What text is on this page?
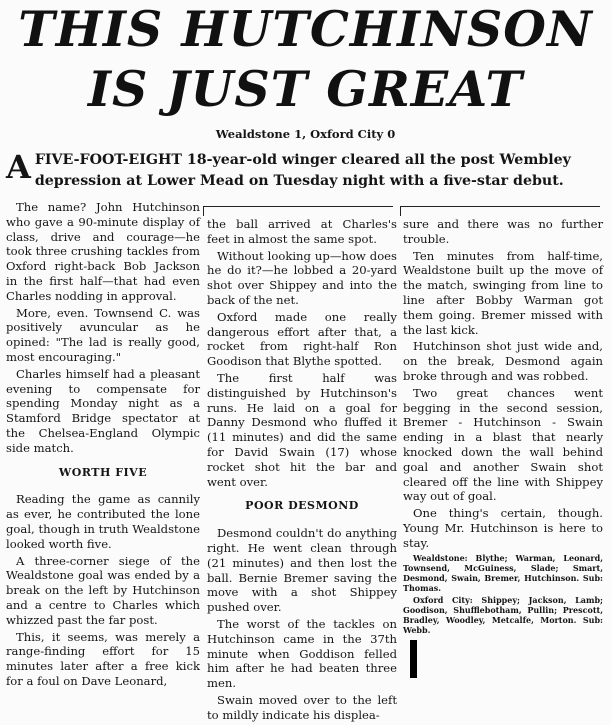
THIS HUTCHINSON
IS JUST GREAT
Wealdstone 1, Oxford City 0
AFIVE-FOOT-EIGHT 18-year-old winger cleared all the post Wembley depression at Lower Mead on Tuesday night with a five-star debut.

The name? John Hutchinson who gave a 90-minute display of class, drive and courage—he took three crushing tackles from Oxford right-back Bob Jackson in the first half—that had even Charles nodding in approval.

More, even. Townsend C. was positively avuncular as he opined: "The lad is really good, most encouraging."

Charles himself had a pleasant evening to compensate for spending Monday night as a Stamford Bridge spectator at the Chelsea-England Olympic side match.

WORTH FIVE

Reading the game as cannily as ever, he contributed the lone goal, though in truth Wealdstone looked worth five.

A three-corner siege of the Wealdstone goal was ended by a break on the left by Hutchinson and a centre to Charles which whizzed past the far post.

This, it seems, was merely a range-finding effort for 15 minutes later after a free kick for a foul on Dave Leonard,

the ball arrived at Charles's feet in almost the same spot.

Without looking up—how does he do it?—he lobbed a 20-yard shot over Shippey and into the back of the net.

Oxford made one really dangerous effort after that, a rocket from right-half Ron Goodison that Blythe spotted.

The first half was distinguished by Hutchinson's runs. He laid on a goal for Danny Desmond who fluffed it (11 minutes) and did the same for David Swain (17) whose rocket shot hit the bar and went over.

POOR DESMOND

Desmond couldn't do anything right. He went clean through (21 minutes) and then lost the ball. Bernie Bremer saving the move with a shot Shippey pushed over.

The worst of the tackles on Hutchinson came in the 37th minute when Goddison felled him after he had beaten three men.

Swain moved over to the left to mildly indicate his displea-

sure and there was no further trouble.

Ten minutes from half-time, Wealdstone built up the move of the match, swinging from line to line after Bobby Warman got them going. Bremer missed with the last kick.

Hutchinson shot just wide and, on the break, Desmond again broke through and was robbed.

Two great chances went begging in the second session, Bremer - Hutchinson - Swain ending in a blast that nearly knocked down the wall behind goal and another Swain shot cleared off the line with Shippey way out of goal.

One thing's certain, though. Young Mr. Hutchinson is here to stay.

Wealdstone: Blythe; Warman, Leonard, Townsend, McGuiness, Slade; Smart, Desmond, Swain, Bremer, Hutchinson. Sub: Thomas.

Oxford City: Shippey; Jackson, Lamb; Goodison, Shufflebotham, Pullin; Prescott, Bradley, Woodley, Metcalfe, Morton. Sub: Webb.
